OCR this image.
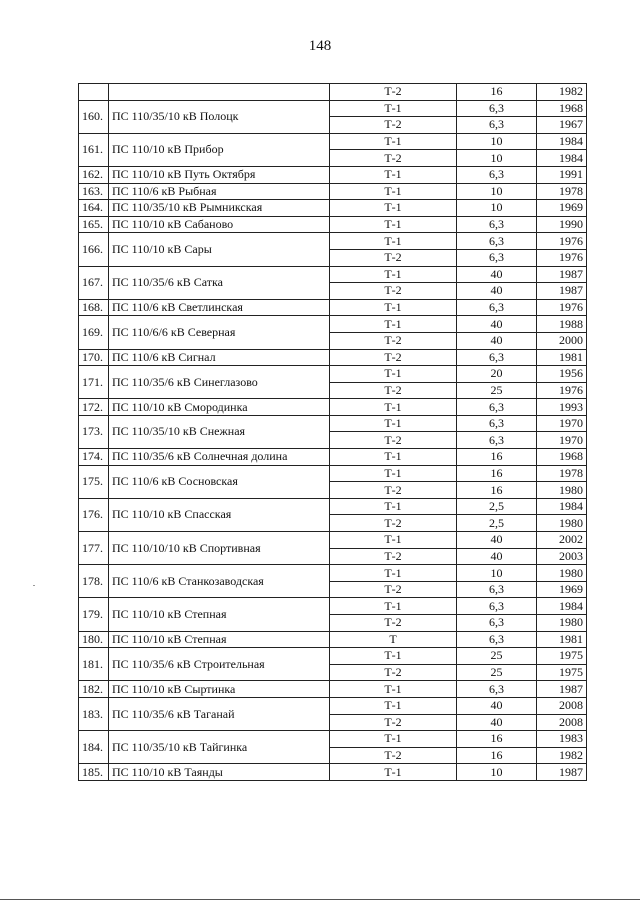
148
		Т-2	16	1982
160.	ПС 110/35/10 кВ Полоцк	Т-1	6,3	1968
		Т-2	6,3	1967
161.	ПС 110/10 кВ Прибор	Т-1	10	1984
		Т-2	10	1984
162.	ПС 110/10 кВ Путь Октября	Т-1	6,3	1991
163.	ПС 110/6 кВ Рыбная	Т-1	10	1978
164.	ПС 110/35/10 кВ Рымникская	Т-1	10	1969
165.	ПС 110/10 кВ Сабаново	Т-1	6,3	1990
166.	ПС 110/10 кВ Сары	Т-1	6,3	1976
		Т-2	6,3	1976
167.	ПС 110/35/6 кВ Сатка	Т-1	40	1987
		Т-2	40	1987
168.	ПС 110/6 кВ Светлинская	Т-1	6,3	1976
169.	ПС 110/6/6 кВ Северная	Т-1	40	1988
		Т-2	40	2000
170.	ПС 110/6 кВ Сигнал	Т-2	6,3	1981
171.	ПС 110/35/6 кВ Синеглазово	Т-1	20	1956
		Т-2	25	1976
172.	ПС 110/10 кВ Смородинка	Т-1	6,3	1993
173.	ПС 110/35/10 кВ Снежная	Т-1	6,3	1970
		Т-2	6,3	1970
174.	ПС 110/35/6 кВ Солнечная долина	Т-1	16	1968
175.	ПС 110/6 кВ Сосновская	Т-1	16	1978
		Т-2	16	1980
176.	ПС 110/10 кВ Спасская	Т-1	2,5	1984
		Т-2	2,5	1980
177.	ПС 110/10/10 кВ Спортивная	Т-1	40	2002
		Т-2	40	2003
178.	ПС 110/6 кВ Станкозаводская	Т-1	10	1980
		Т-2	6,3	1969
179.	ПС 110/10 кВ Степная	Т-1	6,3	1984
		Т-2	6,3	1980
180.	ПС 110/10 кВ Степная	Т	6,3	1981
181.	ПС 110/35/6 кВ Строительная	Т-1	25	1975
		Т-2	25	1975
182.	ПС 110/10 кВ Сыртинка	Т-1	6,3	1987
183.	ПС 110/35/6 кВ Таганай	Т-1	40	2008
		Т-2	40	2008
184.	ПС 110/35/10 кВ Тайгинка	Т-1	16	1983
		Т-2	16	1982
185.	ПС 110/10 кВ Таянды	Т-1	10	1987
